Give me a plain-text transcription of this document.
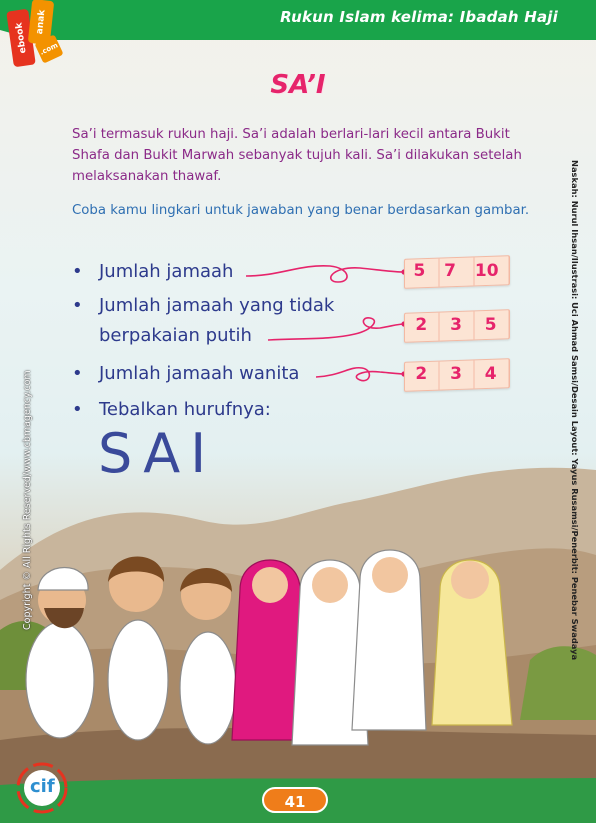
Rukun Islam kelima: Ibadah Haji
ebook
anak
.com
SA’I
Sa’i termasuk rukun haji. Sa’i adalah berlari-lari kecil antara Bukit Shafa dan Bukit Marwah sebanyak tujuh kali. Sa’i dilakukan setelah melaksanakan thawaf.
Coba kamu lingkari untuk jawaban yang benar berdasarkan gambar.
• Jumlah jamaah
• Jumlah jamaah yang tidak
berpakaian putih
• Jumlah jamaah wanita
• Tebalkan hurufnya:
SAI
5 7 10
2 3 5
2 3 4
Copyright © All Rights Reserved/www.cbmagency.com	Naskah: Nurul Ihsan/Ilustrasi: Uci Ahmad Samsi/Desain Layout: Yayus Rusamsi/Penerbit: Penebar Swadaya
cif
41
